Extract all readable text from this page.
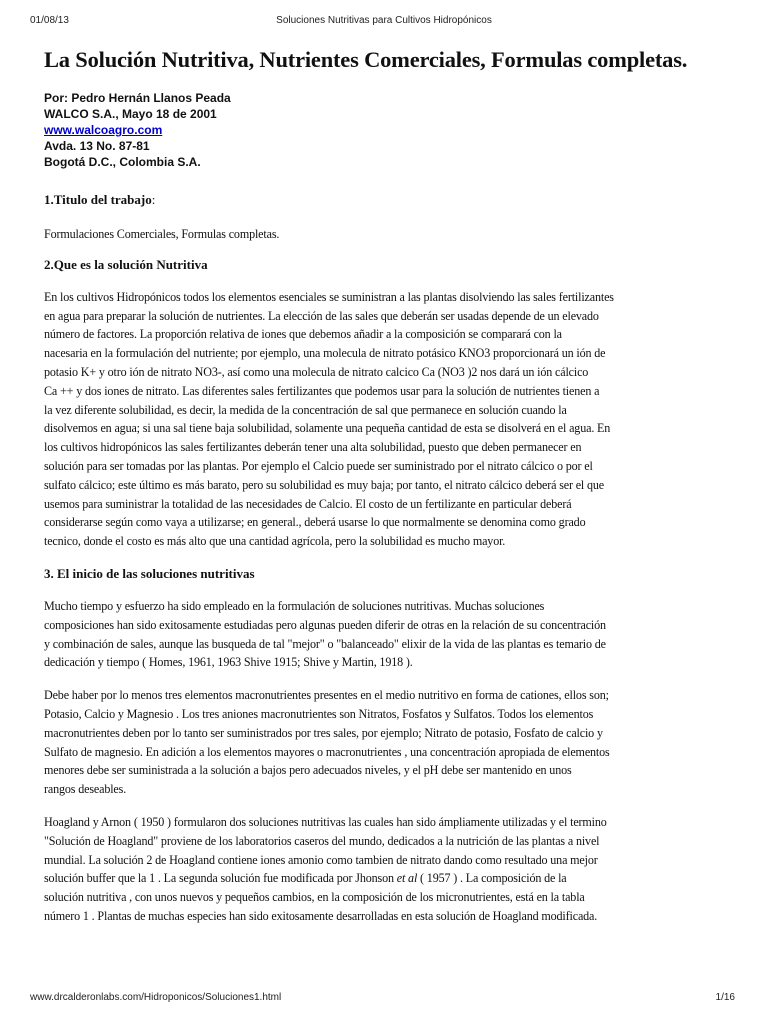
01/08/13	Soluciones Nutritivas para Cultivos Hidropónicos
La Solución Nutritiva, Nutrientes Comerciales, Formulas completas.
Por: Pedro Hernán Llanos Peada
WALCO S.A., Mayo 18 de 2001
www.walcoagro.com
Avda. 13 No. 87-81
Bogotá D.C., Colombia S.A.
1.Titulo del trabajo:

Formulaciones Comerciales, Formulas completas.

2.Que es la solución Nutritiva

En los cultivos Hidropónicos todos los elementos esenciales se suministran a las plantas disolviendo las sales fertilizantes
en agua para preparar la solución de nutrientes. La elección de las sales que deberán ser usadas depende de un elevado
número de factores. La proporción relativa de iones que debemos añadir a la composición se comparará con la
nacesaria en la formulación del nutriente; por ejemplo, una molecula de nitrato potásico KNO3 proporcionará un ión de
potasio K+ y otro ión de nitrato NO3-, así como una molecula de nitrato calcico Ca (NO3 )2 nos dará un ión cálcico
Ca ++ y dos iones de nitrato. Las diferentes sales fertilizantes que podemos usar para la solución de nutrientes tienen a
la vez diferente solubilidad, es decir, la medida de la concentración de sal que permanece en solución cuando la
disolvemos en agua; si una sal tiene baja solubilidad, solamente una pequeña cantidad de esta se disolverá en el agua. En
los cultivos hidropónicos las sales fertilizantes deberán tener una alta solubilidad, puesto que deben permanecer en
solución para ser tomadas por las plantas. Por ejemplo el Calcio puede ser suministrado por el nitrato cálcico o por el
sulfato cálcico; este último es más barato, pero su solubilidad es muy baja; por tanto, el nitrato cálcico deberá ser el que
usemos para suministrar la totalidad de las necesidades de Calcio. El costo de un fertilizante en particular deberá
considerarse según como vaya a utilizarse; en general., deberá usarse lo que normalmente se denomina como grado
tecnico, donde el costo es más alto que una cantidad agrícola, pero la solubilidad es mucho mayor.

3. El inicio de las soluciones nutritivas

Mucho tiempo y esfuerzo ha sido empleado en la formulación de soluciones nutritivas. Muchas soluciones
composiciones han sido exitosamente estudiadas pero algunas pueden diferir de otras en la relación de su concentración
y combinación de sales, aunque las busqueda de tal "mejor" o "balanceado" elixir de la vida de las plantas es temario de
dedicación y tiempo ( Homes, 1961, 1963 Shive 1915; Shive y Martin, 1918 ).

Debe haber por lo menos tres elementos macronutrientes presentes en el medio nutritivo en forma de cationes, ellos son;
Potasio, Calcio y Magnesio . Los tres aniones macronutrientes son Nitratos, Fosfatos y Sulfatos. Todos los elementos
macronutrientes deben por lo tanto ser suministrados por tres sales, por ejemplo; Nitrato de potasio, Fosfato de calcio y
Sulfato de magnesio. En adición a los elementos mayores o macronutrientes , una concentración apropiada de elementos
menores debe ser suministrada a la solución a bajos pero adecuados niveles, y el pH debe ser mantenido en unos
rangos deseables.

Hoagland y Arnon ( 1950 ) formularon dos soluciones nutritivas las cuales han sido ámpliamente utilizadas y el termino
"Solución de Hoagland" proviene de los laboratorios caseros del mundo, dedicados a la nutrición de las plantas a nivel
mundial. La solución 2 de Hoagland contiene iones amonio como tambien de nitrato dando como resultado una mejor
solución buffer que la 1 . La segunda solución fue modificada por Jhonson et al ( 1957 ) . La composición de la
solución nutritiva , con unos nuevos y pequeños cambios, en la composición de los micronutrientes, está en la tabla
número 1 . Plantas de muchas especies han sido exitosamente desarrolladas en esta solución de Hoagland modificada.

www.drcalderonlabs.com/Hidroponicos/Soluciones1.html	1/16
